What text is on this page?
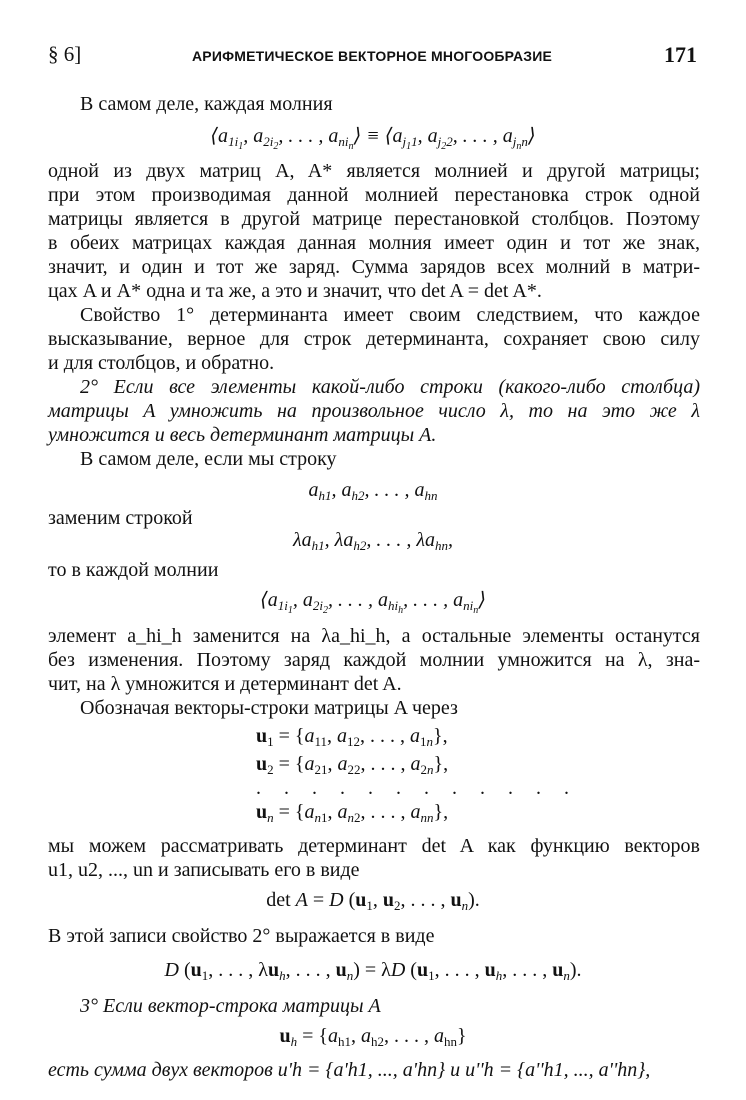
§ 6]	АРИФМЕТИЧЕСКОЕ ВЕКТОРНОЕ МНОГООБРАЗИЕ	171
В самом деле, каждая молния
$⟨a_{1i_1}$, $a_{2i_2}$, . . . , $a_{ni_n}⟩$ ≡ $⟨a_{j_11}$, $a_{j_22}$, . . . , $a_{j_nn}⟩$
одной из двух матриц A, A* является молнией и другой матрицы;
при этом производимая данной молнией перестановка строк одной
матрицы является в другой матрице перестановкой столбцов. Поэтому
в обеих матрицах каждая данная молния имеет один и тот же знак,
значит, и один и тот же заряд. Сумма зарядов всех молний в матри-
цах A и A* одна и та же, а это и значит, что det A = det A*.
Свойство 1° детерминанта имеет своим следствием, что каждое
высказывание, верное для строк детерминанта, сохраняет свою силу
и для столбцов, и обратно.
2° Если все элементы какой-либо строки (какого-либо столбца)
матрицы A умножить на произвольное число λ, то на это же λ
умножится и весь детерминант матрицы A.
В самом деле, если мы строку
$a_{h1}$, $a_{h2}$, . . . , $a_{hn}$
заменим строкой
$\lambda a_{h1}$, $\lambda a_{h2}$, . . . , $\lambda a_{hn}$,
то в каждой молнии
$⟨a_{1i_1}$, $a_{2i_2}$, . . . , $a_{hi_h}$, . . . , $a_{ni_n}⟩$
элемент a_hi_h заменится на λa_hi_h, а остальные элементы останутся
без изменения. Поэтому заряд каждой молнии умножится на λ, зна-
чит, на λ умножится и детерминант det A.
Обозначая векторы-строки матрицы A через
$u_1 = \{a_{11}$, $a_{12}$, . . . , $a_{1n}$},
$u_2 = \{a_{21}$, $a_{22}$, . . . , $a_{2n}$},
. . . . . . . . . . . .
$u_n = \{a_{n1}$, $a_{n2}$, . . . , $a_{nn}$},
мы можем рассматривать детерминант det A как функцию векторов
u1, u2, ..., un и записывать его в виде
det A = D ($u_1$, $u_2$, . . . , $u_n$).
В этой записи свойство 2° выражается в виде
D ($u_1$, . . . , $\lambda u_h$, . . . , $u_n) = \lambda D$ ($u_1$, . . . , $u_h$, . . . , $u_n$).
3° Если вектор-строка матрицы A
$u_h = \{a_{h1}$, $a_{h2}$, . . . , $a_{hn}$}
есть сумма двух векторов u'h = {a'h1, ..., a'hn} и u''h = {a''h1, ..., a''hn},
